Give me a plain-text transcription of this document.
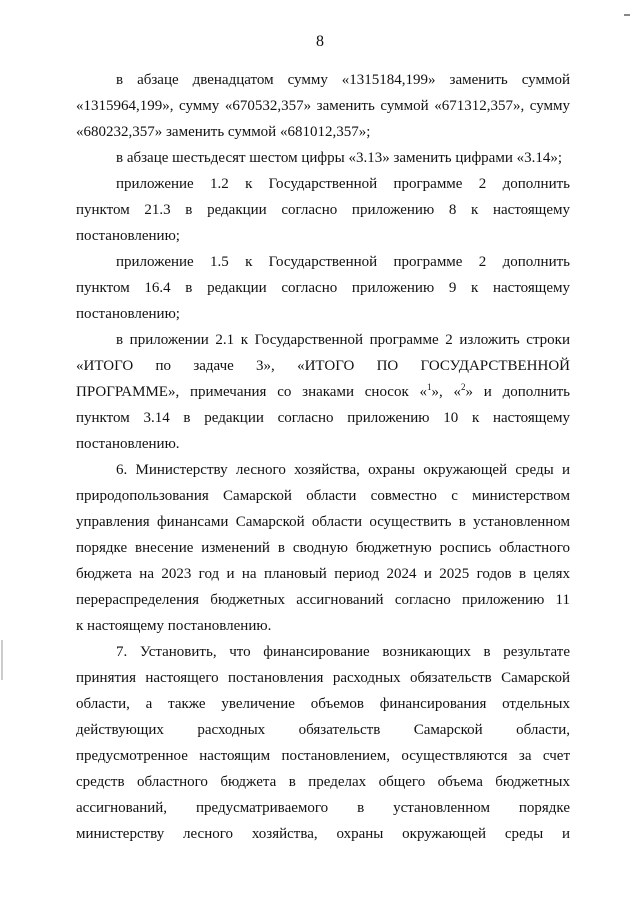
8
в абзаце двенадцатом сумму «1315184,199» заменить суммой
«1315964,199», сумму «670532,357» заменить суммой «671312,357», сумму
«680232,357» заменить суммой «681012,357»;
в абзаце шестьдесят шестом цифры «3.13» заменить цифрами «3.14»;
приложение 1.2 к Государственной программе 2 дополнить
пунктом 21.3 в редакции согласно приложению 8 к настоящему
постановлению;
приложение 1.5 к Государственной программе 2 дополнить
пунктом 16.4 в редакции согласно приложению 9 к настоящему
постановлению;
в приложении 2.1 к Государственной программе 2 изложить строки
«ИТОГО по задаче 3», «ИТОГО ПО ГОСУДАРСТВЕННОЙ
ПРОГРАММЕ», примечания со знаками сносок «$^1$», «$^2$» и дополнить
пунктом 3.14 в редакции согласно приложению 10 к настоящему
постановлению.
6. Министерству лесного хозяйства, охраны окружающей среды и
природопользования Самарской области совместно с министерством
управления финансами Самарской области осуществить в установленном
порядке внесение изменений в сводную бюджетную роспись областного
бюджета на 2023 год и на плановый период 2024 и 2025 годов в целях
перераспределения бюджетных ассигнований согласно приложению 11
к настоящему постановлению.
7. Установить, что финансирование возникающих в результате
принятия настоящего постановления расходных обязательств Самарской
области, а также увеличение объемов финансирования отдельных
действующих расходных обязательств Самарской области,
предусмотренное настоящим постановлением, осуществляются за счет
средств областного бюджета в пределах общего объема бюджетных
ассигнований, предусматриваемого в установленном порядке
министерству лесного хозяйства, охраны окружающей среды и
